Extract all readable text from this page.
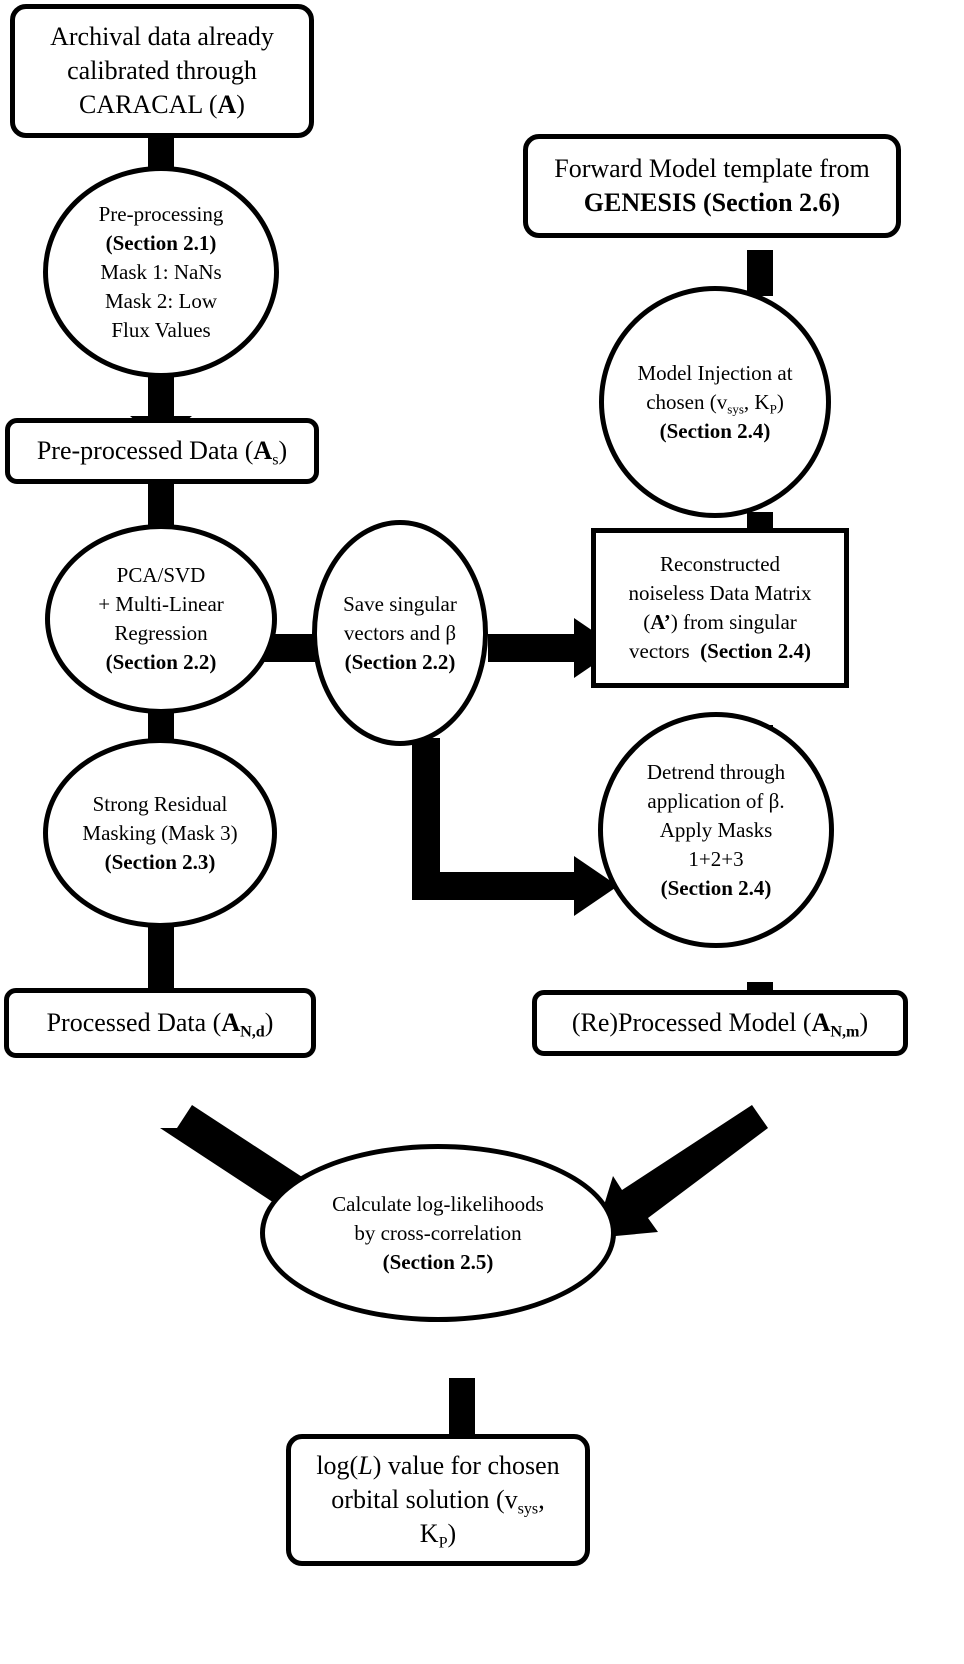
Archival data already
calibrated through
CARACAL (A)
Pre-processing
(Section 2.1)
Mask 1: NaNs
Mask 2: Low
Flux Values
Pre-processed Data $(A_s)$
PCA/SVD
+ Multi-Linear
Regression
(Section 2.2)
Strong Residual
Masking (Mask 3)
(Section 2.3)
Processed Data $(A_{N,d})$
Forward Model template from
GENESIS (Section 2.6)
Model Injection at
chosen ($v_{sys}$, $K_P$)
(Section 2.4)
Save singular
vectors and β
(Section 2.2)
Reconstructed
noiseless Data Matrix
(A’) from singular
vectors  (Section 2.4)
Detrend through
application of β.
Apply Masks
1+2+3
(Section 2.4)
(Re)Processed Model $(A_{N,m})$
Calculate log-likelihoods
by cross-correlation
(Section 2.5)
log(L) value for chosen
orbital solution ($v_{sys}$,
$K_P$)
